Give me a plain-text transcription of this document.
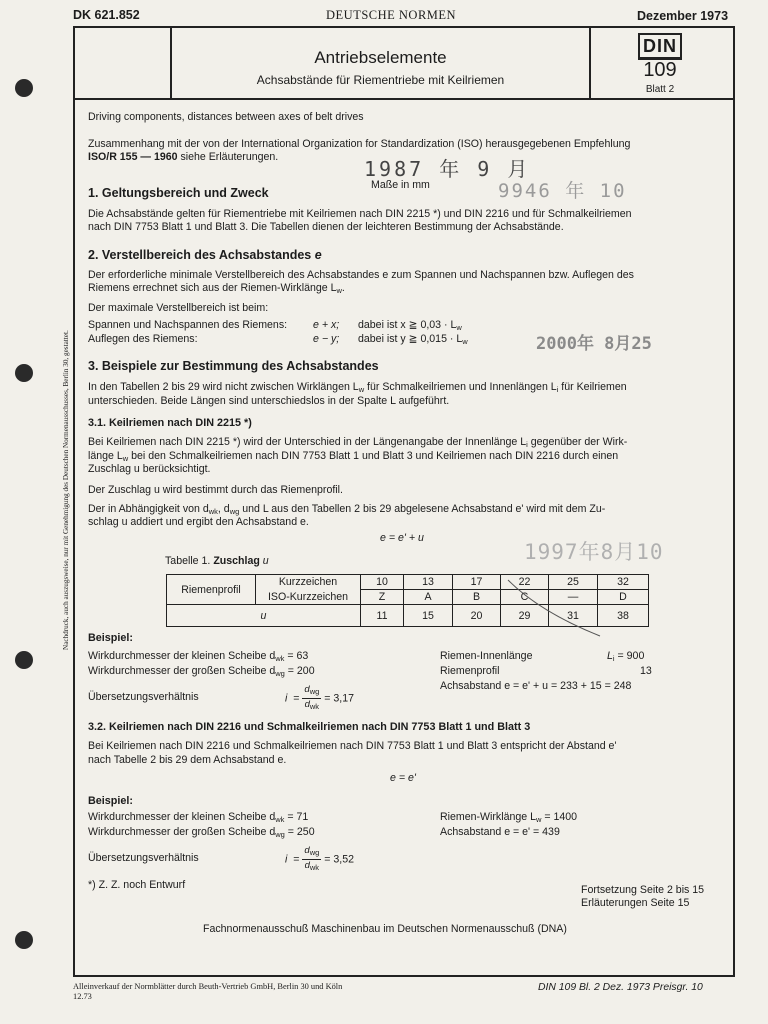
DK 621.852	DEUTSCHE NORMEN	Dezember 1973
Antriebselemente
Achsabstände für Riementriebe mit Keilriemen
DIN
109
Blatt 2
Driving components, distances between axes of belt drives
Zusammenhang mit der von der International Organization for Standardization (ISO) herausgegebenen Empfehlung
ISO/R 155 — 1960 siehe Erläuterungen.
Maße in mm
1987 年 9 月
9946 年 10
2000年 8月25
1997年8月10
1. Geltungsbereich und Zweck
Die Achsabstände gelten für Riementriebe mit Keilriemen nach DIN 2215 *) und DIN 2216 und für Schmalkeilriemen
nach DIN 7753 Blatt 1 und Blatt 3. Die Tabellen dienen der leichteren Bestimmung der Achsabstände.
2. Verstellbereich des Achsabstandes e
Der erforderliche minimale Verstellbereich des Achsabstandes e zum Spannen und Nachspannen bzw. Auflegen des
Riemens errechnet sich aus der Riemen-Wirklänge $L_w$.
Der maximale Verstellbereich ist beim:
Spannen und Nachspannen des Riemens: e + x; dabei ist x ≧ $0,03 \cdot L_w$
Auflegen des Riemens:	e − y; dabei ist y ≧ $0,015 \cdot L_w$
3. Beispiele zur Bestimmung des Achsabstandes
In den Tabellen 2 bis 29 wird nicht zwischen Wirklängen $L_w$ für Schmalkeilriemen und Innenlängen $L_i$ für Keilriemen
unterschieden. Beide Längen sind unterschiedslos in der Spalte L aufgeführt.
3.1. Keilriemen nach DIN 2215 *)
Bei Keilriemen nach DIN 2215 *) wird der Unterschied in der Längenangabe der Innenlänge $L_i$ gegenüber der Wirk-
länge $L_w$ bei den Schmalkeilriemen nach DIN 7753 Blatt 1 und Blatt 3 und Keilriemen nach DIN 2216 durch einen
Zuschlag u berücksichtigt.
Der Zuschlag u wird bestimmt durch das Riemenprofil.
Der in Abhängigkeit von $d_{wk}$, $d_{wg}$ und L aus den Tabellen 2 bis 29 abgelesene Achsabstand e' wird mit dem Zu-
schlag u addiert und ergibt den Achsabstand e.
e = e' + u
Tabelle 1. Zuschlag u
Riemenprofil	Kurzzeichen	10	13	17	22	25	32
	ISO-Kurzzeichen	Z	A	B	C	—	D
u		11	15	20	29	31	38
Beispiel:
Wirkdurchmesser der kleinen Scheibe $d_{wk} = 63$
Wirkdurchmesser der großen Scheibe $d_{wg} = 200$
Übersetzungsverhältnis	$i = \frac{d_{wg}}{d_{wk}} = 3,17$
Riemen-Innenlänge	$L_i = 900$
Riemenprofil	13
Achsabstand e = e' + u = 233 + 15 = 248
3.2. Keilriemen nach DIN 2216 und Schmalkeilriemen nach DIN 7753 Blatt 1 und Blatt 3
Bei Keilriemen nach DIN 2216 und Schmalkeilriemen nach DIN 7753 Blatt 1 und Blatt 3 entspricht der Abstand e'
nach Tabelle 2 bis 29 dem Achsabstand e.
e = e'
Beispiel:
Wirkdurchmesser der kleinen Scheibe $d_{wk} = 71$
Wirkdurchmesser der großen Scheibe $d_{wg} = 250$
Übersetzungsverhältnis	$i = \frac{d_{wg}}{d_{wk}} = 3,52$
Riemen-Wirklänge $L_w = 1400$
Achsabstand e = e' = 439
*) Z. Z. noch Entwurf	Fortsetzung Seite 2 bis 15
Erläuterungen Seite 15
Fachnormenausschuß Maschinenbau im Deutschen Normenausschuß (DNA)
Alleinverkauf der Normblätter durch Beuth-Vertrieb GmbH, Berlin 30 und Köln
12.73
DIN 109 Bl. 2 Dez. 1973 Preisgr. 10
Nachdruck, auch auszugsweise, nur mit Genehmigung des Deutschen Normenausschusses, Berlin 30, gestattet.
